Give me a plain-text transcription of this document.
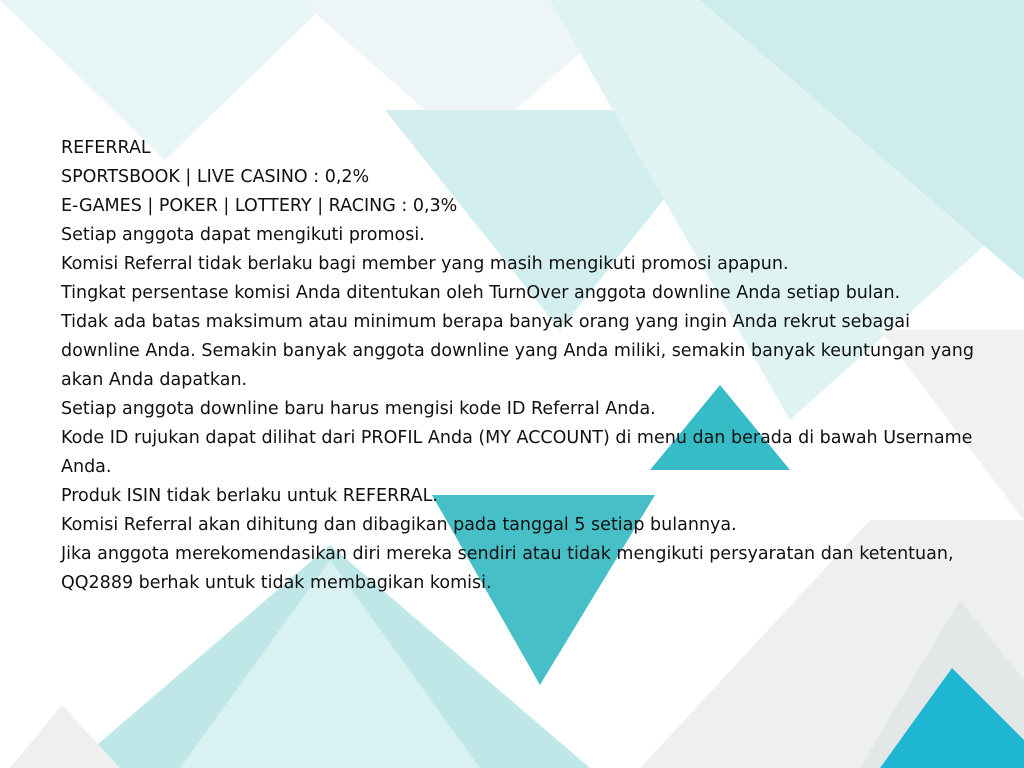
REFERRAL

SPORTSBOOK | LIVE CASINO : 0,2%

E-GAMES | POKER | LOTTERY | RACING : 0,3%

Setiap anggota dapat mengikuti promosi.

Komisi Referral tidak berlaku bagi member yang masih mengikuti promosi apapun.

Tingkat persentase komisi Anda ditentukan oleh TurnOver anggota downline Anda setiap bulan.

Tidak ada batas maksimum atau minimum berapa banyak orang yang ingin Anda rekrut sebagai downline Anda. Semakin banyak anggota downline yang Anda miliki, semakin banyak keuntungan yang akan Anda dapatkan.

Setiap anggota downline baru harus mengisi kode ID Referral Anda.

Kode ID rujukan dapat dilihat dari PROFIL Anda (MY ACCOUNT) di menu dan berada di bawah Username Anda.

Produk ISIN tidak berlaku untuk REFERRAL.

Komisi Referral akan dihitung dan dibagikan pada tanggal 5 setiap bulannya.

Jika anggota merekomendasikan diri mereka sendiri atau tidak mengikuti persyaratan dan ketentuan, QQ2889 berhak untuk tidak membagikan komisi.
